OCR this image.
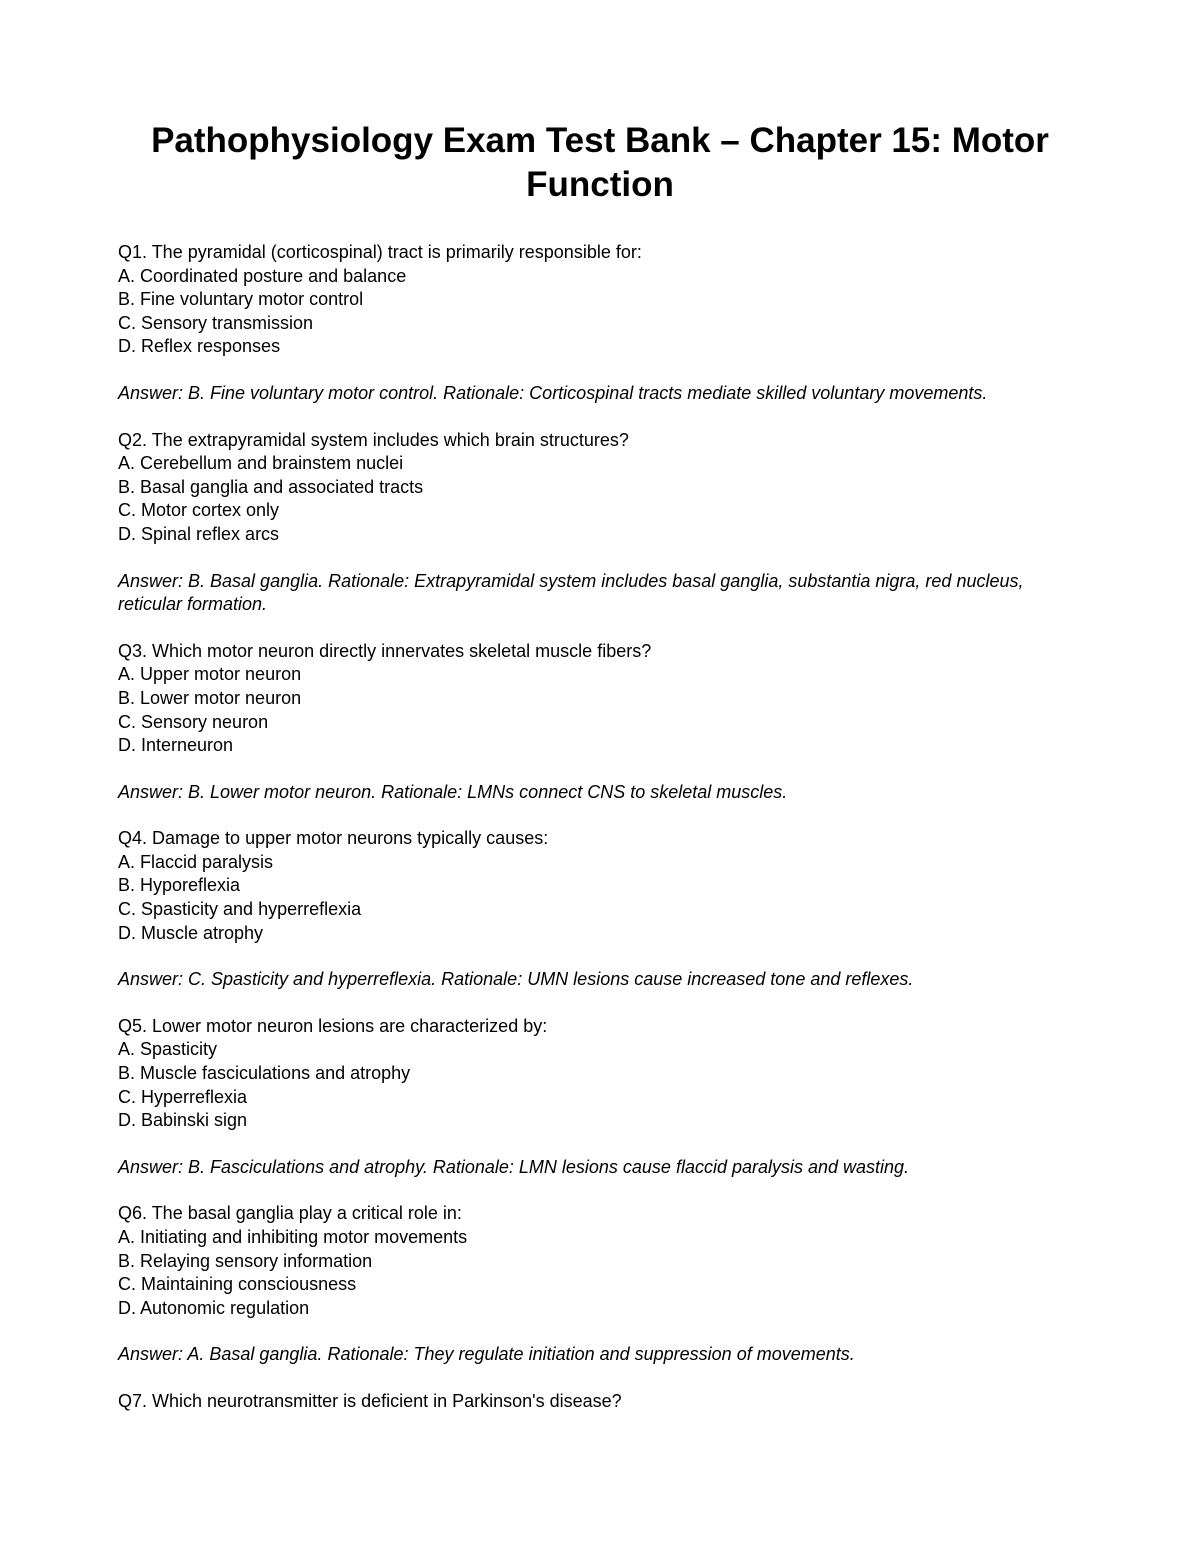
Pathophysiology Exam Test Bank – Chapter 15: Motor Function

Q1. The pyramidal (corticospinal) tract is primarily responsible for:

A. Coordinated posture and balance

B. Fine voluntary motor control

C. Sensory transmission

D. Reflex responses

Answer: B. Fine voluntary motor control. Rationale: Corticospinal tracts mediate skilled voluntary movements.

Q2. The extrapyramidal system includes which brain structures?

A. Cerebellum and brainstem nuclei

B. Basal ganglia and associated tracts

C. Motor cortex only

D. Spinal reflex arcs

Answer: B. Basal ganglia. Rationale: Extrapyramidal system includes basal ganglia, substantia nigra, red nucleus, reticular formation.

Q3. Which motor neuron directly innervates skeletal muscle fibers?

A. Upper motor neuron

B. Lower motor neuron

C. Sensory neuron

D. Interneuron

Answer: B. Lower motor neuron. Rationale: LMNs connect CNS to skeletal muscles.

Q4. Damage to upper motor neurons typically causes:

A. Flaccid paralysis

B. Hyporeflexia

C. Spasticity and hyperreflexia

D. Muscle atrophy

Answer: C. Spasticity and hyperreflexia. Rationale: UMN lesions cause increased tone and reflexes.

Q5. Lower motor neuron lesions are characterized by:

A. Spasticity

B. Muscle fasciculations and atrophy

C. Hyperreflexia

D. Babinski sign

Answer: B. Fasciculations and atrophy. Rationale: LMN lesions cause flaccid paralysis and wasting.

Q6. The basal ganglia play a critical role in:

A. Initiating and inhibiting motor movements

B. Relaying sensory information

C. Maintaining consciousness

D. Autonomic regulation

Answer: A. Basal ganglia. Rationale: They regulate initiation and suppression of movements.

Q7. Which neurotransmitter is deficient in Parkinson's disease?
